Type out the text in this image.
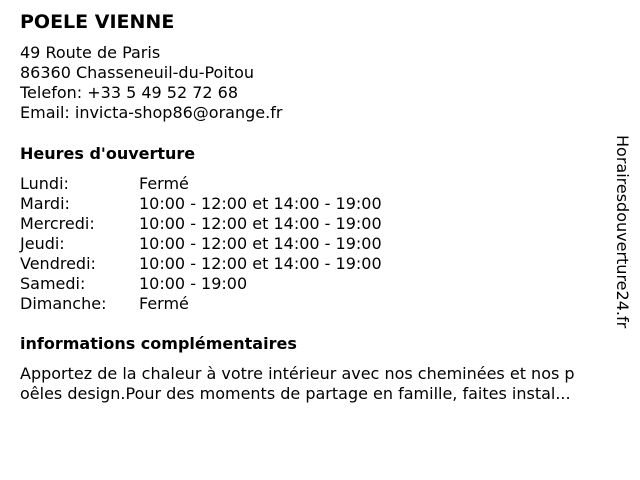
POELE VIENNE
49 Route de Paris
86360 Chasseneuil-du-Poitou
Telefon: +33 5 49 52 72 68
Email: invicta-shop86@orange.fr
Heures d'ouverture
Lundi:	Fermé
Mardi:	10:00 - 12:00 et 14:00 - 19:00
Mercredi:	10:00 - 12:00 et 14:00 - 19:00
Jeudi:	10:00 - 12:00 et 14:00 - 19:00
Vendredi:	10:00 - 12:00 et 14:00 - 19:00
Samedi:	10:00 - 19:00
Dimanche: Fermé
informations complémentaires
Apportez de la chaleur à votre intérieur avec nos cheminées et nos p
oêles design.Pour des moments de partage en famille, faites instal...
Horairesdouverture24.fr
